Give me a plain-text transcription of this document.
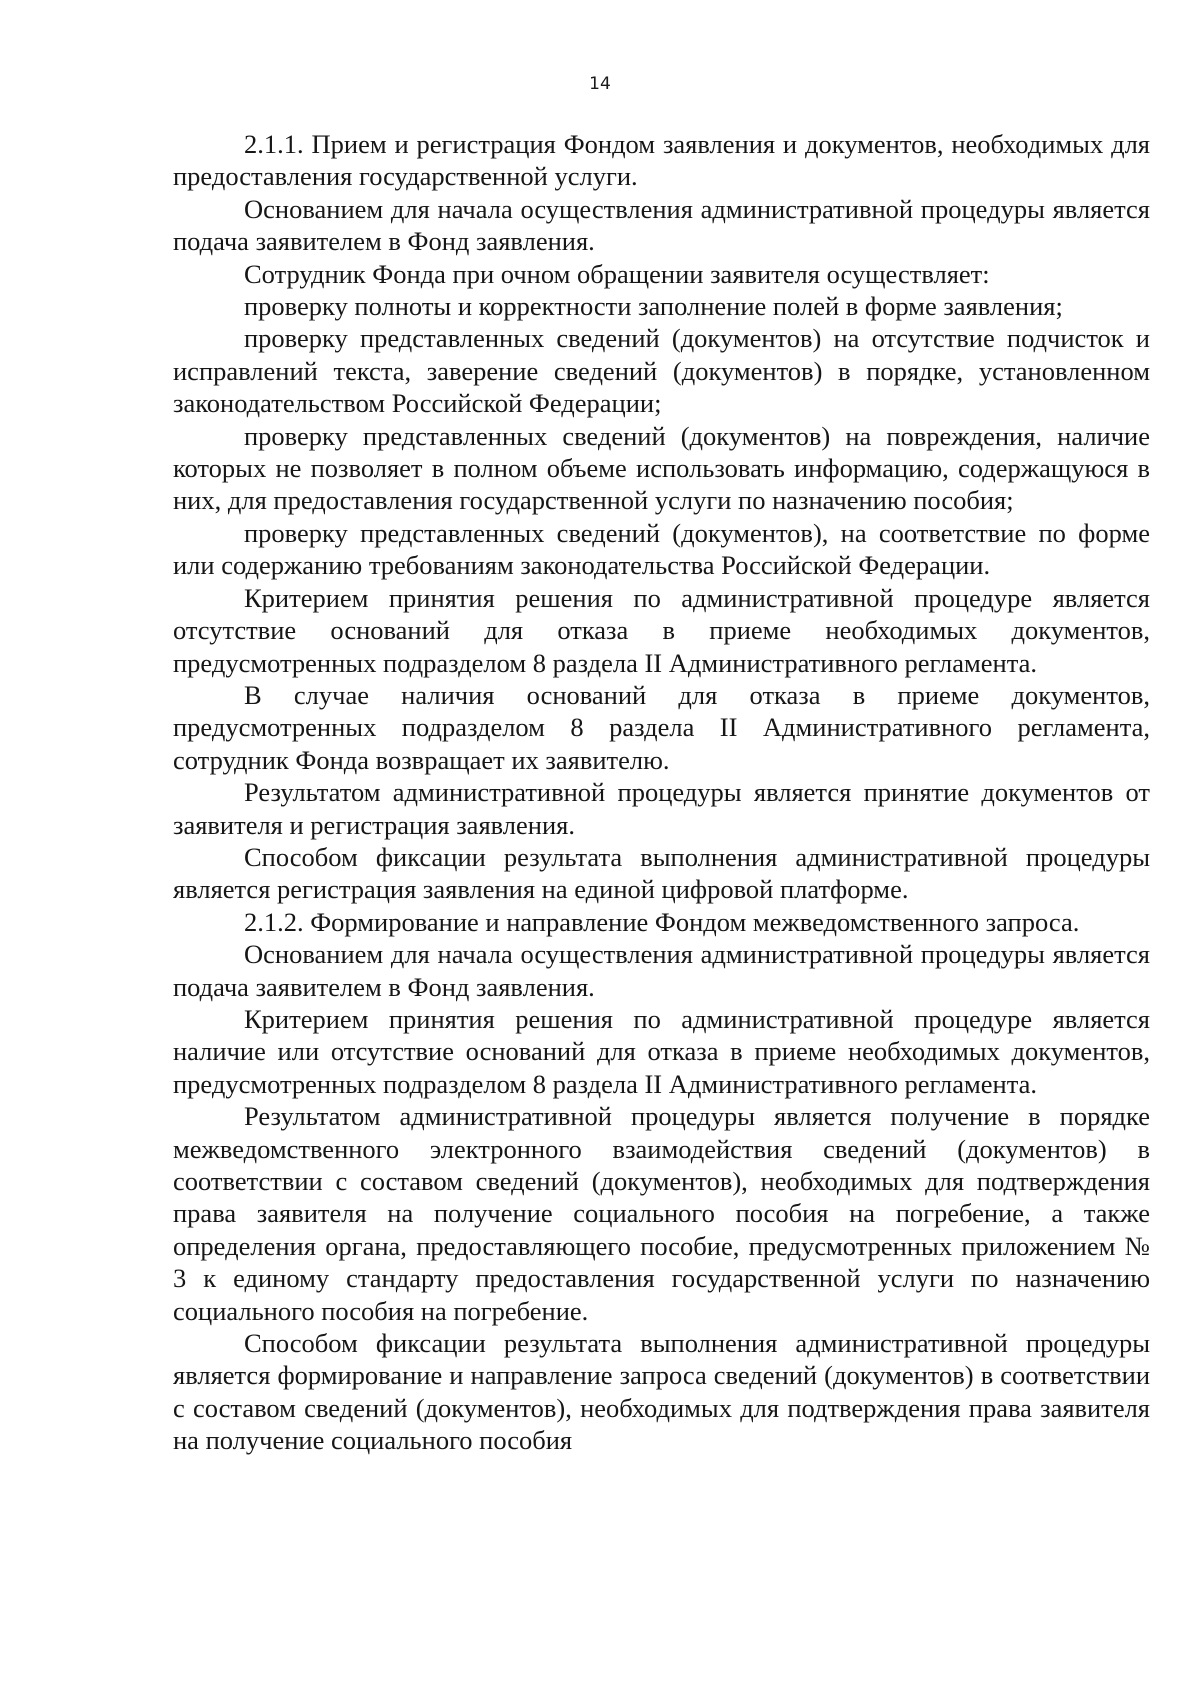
14

2.1.1. Прием и регистрация Фондом заявления и документов, необходимых для предоставления государственной услуги.

Основанием для начала осуществления административной процедуры является подача заявителем в Фонд заявления.

Сотрудник Фонда при очном обращении заявителя осуществляет:

проверку полноты и корректности заполнение полей в форме заявления;

проверку представленных сведений (документов) на отсутствие подчисток и исправлений текста, заверение сведений (документов) в порядке, установленном законодательством Российской Федерации;

проверку представленных сведений (документов) на повреждения, наличие которых не позволяет в полном объеме использовать информацию, содержащуюся в них, для предоставления государственной услуги по назначению пособия;

проверку представленных сведений (документов), на соответствие по форме или содержанию требованиям законодательства Российской Федерации.

Критерием принятия решения по административной процедуре является отсутствие оснований для отказа в приеме необходимых документов, предусмотренных подразделом 8 раздела II Административного регламента.

В случае наличия оснований для отказа в приеме документов, предусмотренных подразделом 8 раздела II Административного регламента, сотрудник Фонда возвращает их заявителю.

Результатом административной процедуры является принятие документов от заявителя и регистрация заявления.

Способом фиксации результата выполнения административной процедуры является регистрация заявления на единой цифровой платформе.

2.1.2. Формирование и направление Фондом межведомственного запроса.

Основанием для начала осуществления административной процедуры является подача заявителем в Фонд заявления.

Критерием принятия решения по административной процедуре является наличие или отсутствие оснований для отказа в приеме необходимых документов, предусмотренных подразделом 8 раздела II Административного регламента.

Результатом административной процедуры является получение в порядке межведомственного электронного взаимодействия сведений (документов) в соответствии с составом сведений (документов), необходимых для подтверждения права заявителя на получение социального пособия на погребение, а также определения органа, предоставляющего пособие, предусмотренных приложением № 3 к единому стандарту предоставления государственной услуги по назначению социального пособия на погребение.

Способом фиксации результата выполнения административной процедуры является формирование и направление запроса сведений (документов) в соответствии с составом сведений (документов), необходимых для подтверждения права заявителя на получение социального пособия
